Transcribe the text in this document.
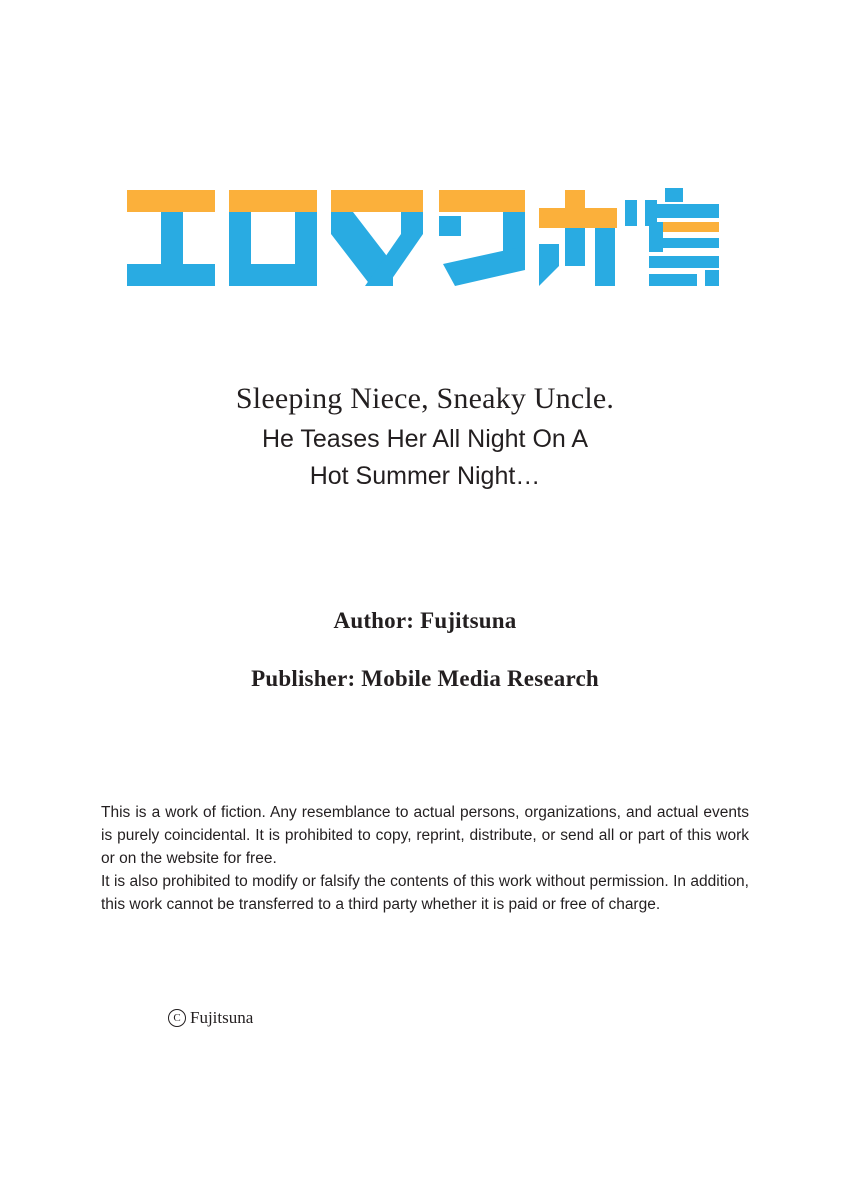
Sleeping Niece, Sneaky Uncle.
He Teases Her All Night On A
Hot Summer Night…
Author: Fujitsuna
Publisher: Mobile Media Research

This is a work of fiction. Any resemblance to actual persons, organizations, and actual events is purely coincidental. It is prohibited to copy, reprint, distribute, or send all or part of this work or on the website for free.

It is also prohibited to modify or falsify the contents of this work without permission. In addition, this work cannot be transferred to a third party whether it is paid or free of charge.

C Fujitsuna
